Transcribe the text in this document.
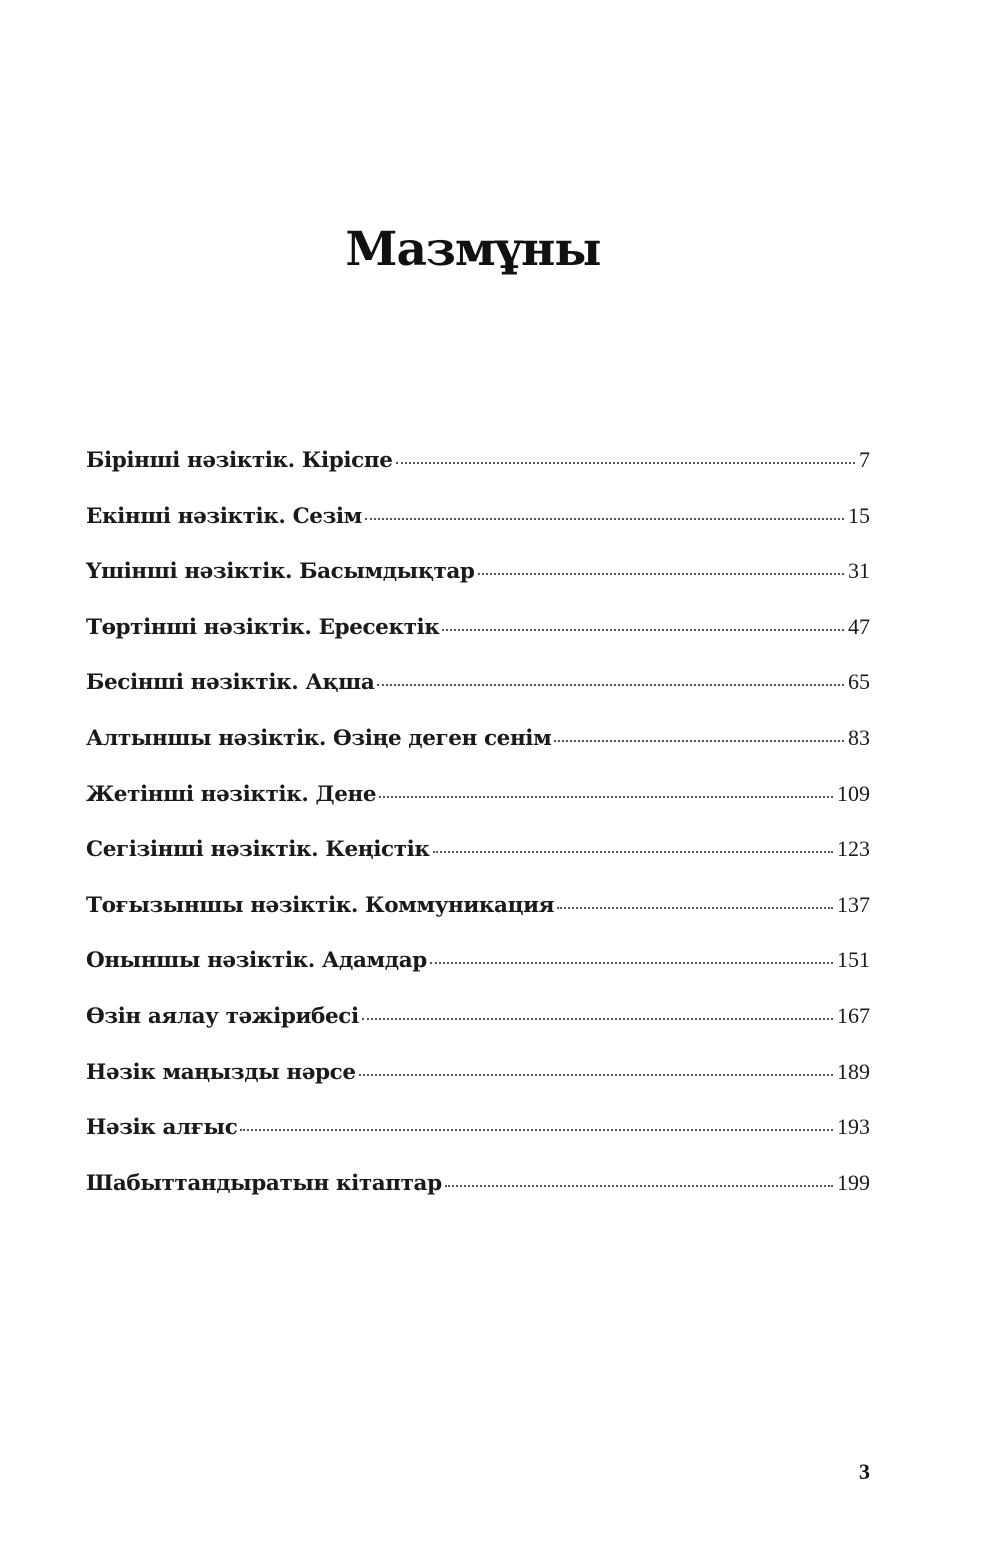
Мазмұны
Бірінші нәзіктік. Кіріспе	7
Екінші нәзіктік. Сезім	15
Үшінші нәзіктік. Басымдықтар	31
Төртінші нәзіктік. Ересектік	47
Бесінші нәзіктік. Ақша	65
Алтыншы нәзіктік. Өзіңе деген сенім	83
Жетінші нәзіктік. Дене	109
Сегізінші нәзіктік. Кеңістік	123
Тоғызыншы нәзіктік. Коммуникация	137
Оныншы нәзіктік. Адамдар	151
Өзін аялау тәжірибесі	167
Нәзік маңызды нәрсе	189
Нәзік алғыс	193
Шабыттандыратын кітаптар	199
3
